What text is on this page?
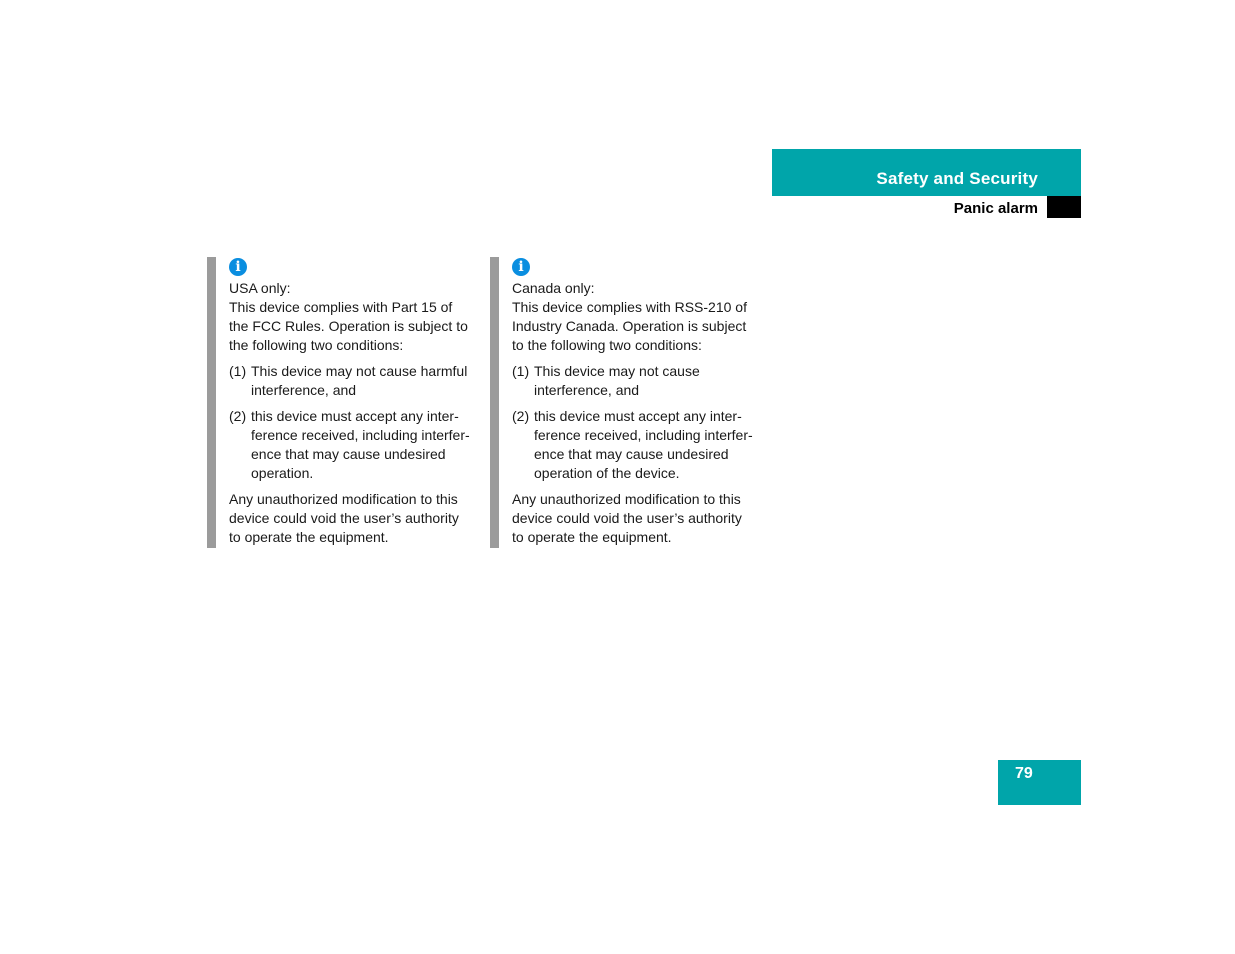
Safety and Security
Panic alarm
i
USA only:
This device complies with Part 15 of
the FCC Rules. Operation is subject to
the following two conditions:
(1) This device may not cause harmful
interference, and
(2) this device must accept any inter-
ference received, including interfer-
ence that may cause undesired
operation.
Any unauthorized modification to this
device could void the user’s authority
to operate the equipment.
i
Canada only:
This device complies with RSS-210 of
Industry Canada. Operation is subject
to the following two conditions:
(1) This device may not cause
interference, and
(2) this device must accept any inter-
ference received, including interfer-
ence that may cause undesired
operation of the device.
Any unauthorized modification to this
device could void the user’s authority
to operate the equipment.
79
